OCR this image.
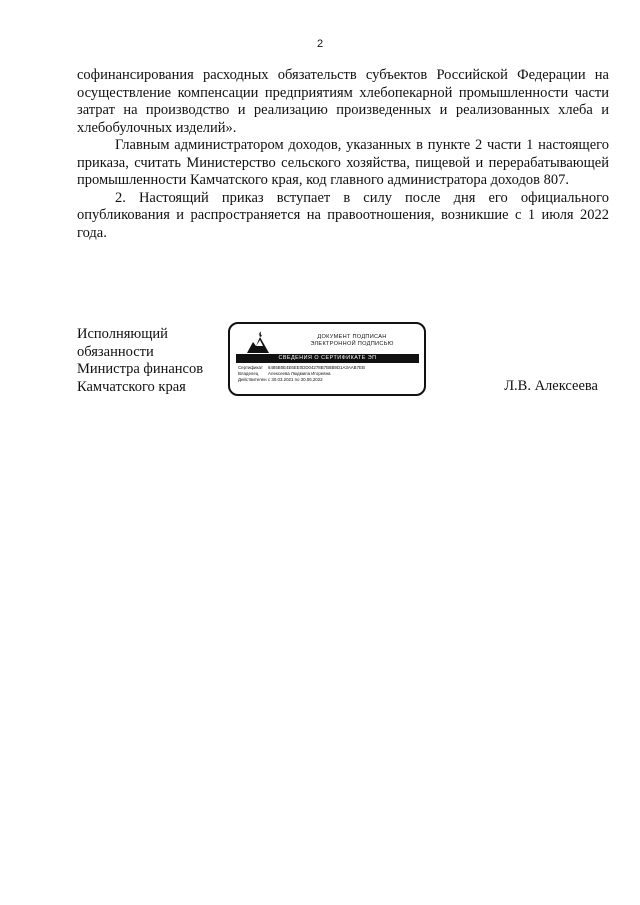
2

софинансирования расходных обязательств субъектов Российской Федерации на осуществление компенсации предприятиям хлебопекарной промышленности части затрат на производство и реализацию произведенных и реализованных хлеба и хлебобулочных изделий».

Главным администратором доходов, указанных в пункте 2 части 1 настоящего приказа, считать Министерство сельского хозяйства, пищевой и перерабатывающей промышленности Камчатского края, код главного администратора доходов 807.

2. Настоящий приказ вступает в силу после дня его официального опубликования и распространяется на правоотношения, возникшие с 1 июля 2022 года.

Исполняющий
обязанности
Министра финансов
Камчатского края
ДОКУМЕНТ ПОДПИСАН
ЭЛЕКТРОННОЙ ПОДПИСЬЮ
СВЕДЕНИЯ О СЕРТИФИКАТЕ ЭП
Сертификат	6485B0E4E6EE0DD04278B7B8B9D1A3AAB7EB
Владелец	Алексеева Людмила Игоревна
Действителен с 30.03.2021 по 30.06.2022	Л.В. Алексеева
